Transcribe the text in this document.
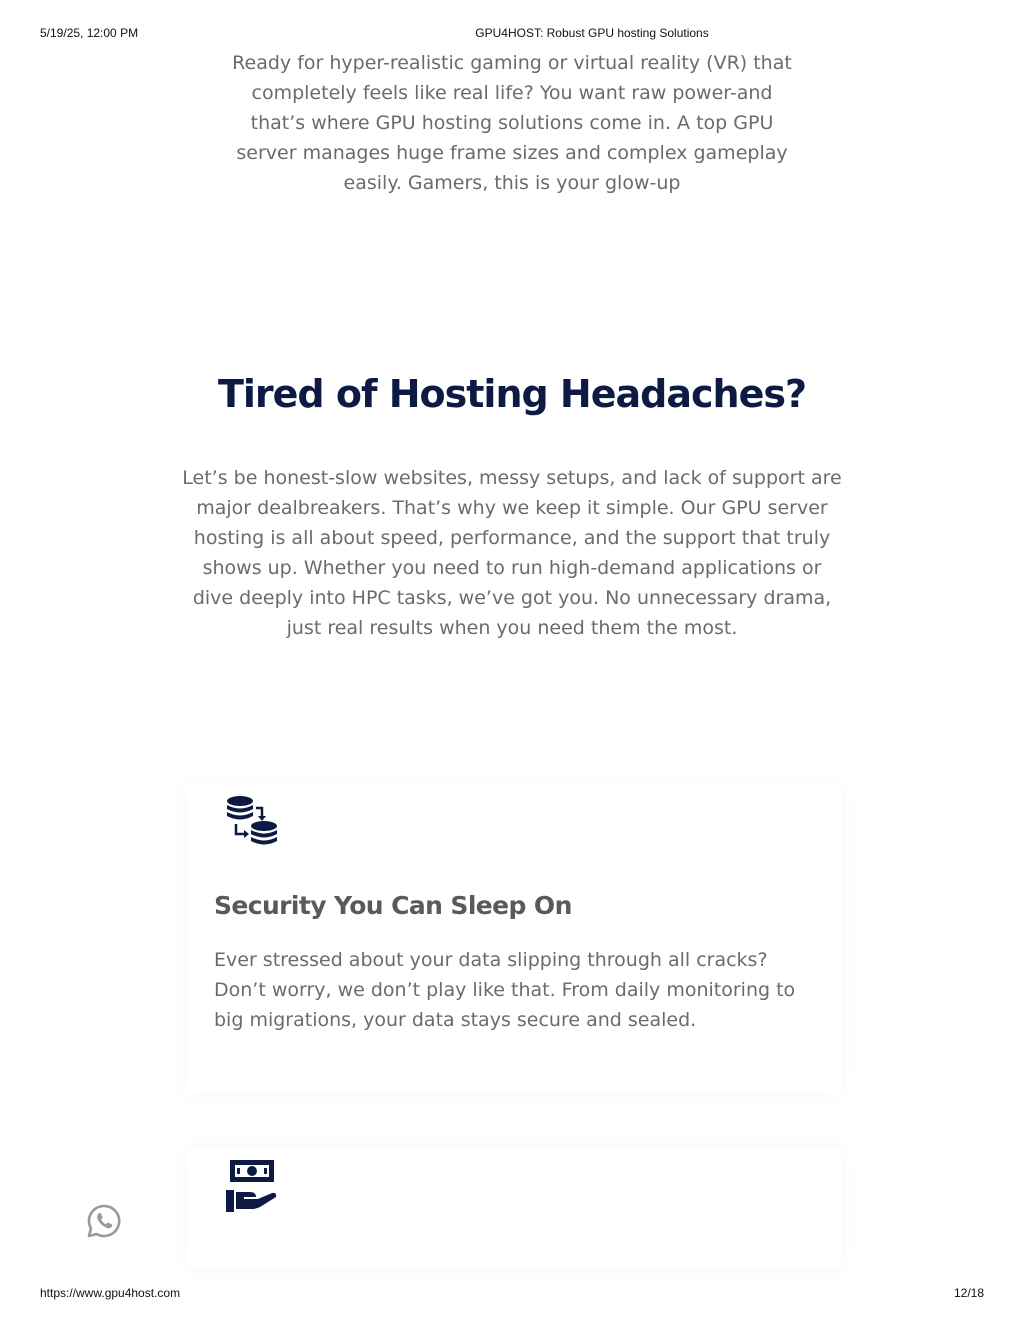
5/19/25, 12:00 PM	GPU4HOST: Robust GPU hosting Solutions

Ready for hyper-realistic gaming or virtual reality (VR) that completely feels like real life? You want raw power-and that’s where GPU hosting solutions come in. A top GPU server manages huge frame sizes and complex gameplay easily. Gamers, this is your glow-up

Tired of Hosting Headaches?

Let’s be honest-slow websites, messy setups, and lack of support are major dealbreakers. That’s why we keep it simple. Our GPU server hosting is all about speed, performance, and the support that truly shows up. Whether you need to run high-demand applications or dive deeply into HPC tasks, we’ve got you. No unnecessary drama, just real results when you need them the most.

Security You Can Sleep On

Ever stressed about your data slipping through all cracks? Don’t worry, we don’t play like that. From daily monitoring to big migrations, your data stays secure and sealed.

https://www.gpu4host.com	12/18
